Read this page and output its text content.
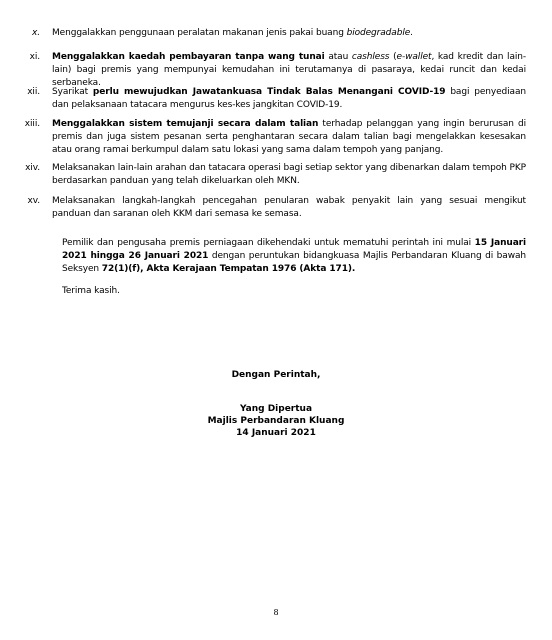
x. Menggalakkan penggunaan peralatan makanan jenis pakai buang biodegradable.
xi. Menggalakkan kaedah pembayaran tanpa wang tunai atau cashless (e-wallet, kad kredit dan lain-lain) bagi premis yang mempunyai kemudahan ini terutamanya di pasaraya, kedai runcit dan kedai serbaneka.
xii. Syarikat perlu mewujudkan Jawatankuasa Tindak Balas Menangani COVID-19 bagi penyediaan dan pelaksanaan tatacara mengurus kes-kes jangkitan COVID-19.
xiii. Menggalakkan sistem temujanji secara dalam talian terhadap pelanggan yang ingin berurusan di premis dan juga sistem pesanan serta penghantaran secara dalam talian bagi mengelakkan kesesakan atau orang ramai berkumpul dalam satu lokasi yang sama dalam tempoh yang panjang.
xiv. Melaksanakan lain-lain arahan dan tatacara operasi bagi setiap sektor yang dibenarkan dalam tempoh PKP berdasarkan panduan yang telah dikeluarkan oleh MKN.
xv. Melaksanakan langkah-langkah pencegahan penularan wabak penyakit lain yang sesuai mengikut panduan dan saranan oleh KKM dari semasa ke semasa.
Pemilik dan pengusaha premis perniagaan dikehendaki untuk mematuhi perintah ini mulai 15 Januari 2021 hingga 26 Januari 2021 dengan peruntukan bidangkuasa Majlis Perbandaran Kluang di bawah Seksyen 72(1)(f), Akta Kerajaan Tempatan 1976 (Akta 171).
Terima kasih.
Dengan Perintah,
Yang Dipertua
Majlis Perbandaran Kluang
14 Januari 2021
8
